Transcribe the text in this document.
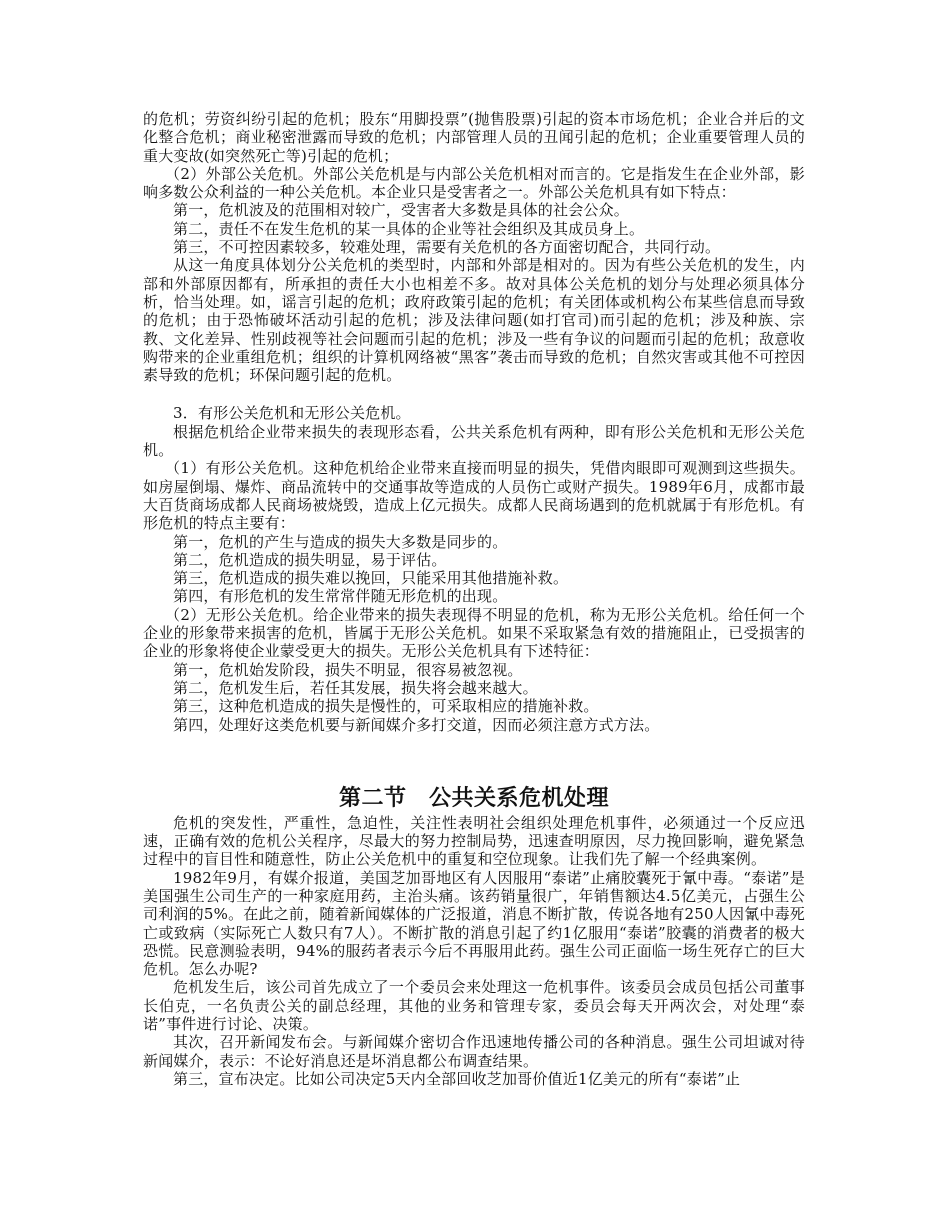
的危机；劳资纠纷引起的危机；股东“用脚投票”(抛售股票)引起的资本市场危机；企业合并后的文化整合危机；商业秘密泄露而导致的危机；内部管理人员的丑闻引起的危机；企业重要管理人员的重大变故(如突然死亡等)引起的危机；

（2）外部公关危机。外部公关危机是与内部公关危机相对而言的。它是指发生在企业外部，影响多数公众利益的一种公关危机。本企业只是受害者之一。外部公关危机具有如下特点：

第一，危机波及的范围相对较广，受害者大多数是具体的社会公众。

第二，责任不在发生危机的某一具体的企业等社会组织及其成员身上。

第三，不可控因素较多，较难处理，需要有关危机的各方面密切配合，共同行动。

从这一角度具体划分公关危机的类型时，内部和外部是相对的。因为有些公关危机的发生，内部和外部原因都有，所承担的责任大小也相差不多。故对具体公关危机的划分与处理必须具体分析，恰当处理。如，谣言引起的危机；政府政策引起的危机；有关团体或机构公布某些信息而导致的危机；由于恐怖破坏活动引起的危机；涉及法律问题(如打官司)而引起的危机；涉及种族、宗教、文化差异、性别歧视等社会问题而引起的危机；涉及一些有争议的问题而引起的危机；敌意收购带来的企业重组危机；组织的计算机网络被“黑客”袭击而导致的危机；自然灾害或其他不可控因素导致的危机；环保问题引起的危机。

3．有形公关危机和无形公关危机。

根据危机给企业带来损失的表现形态看，公共关系危机有两种，即有形公关危机和无形公关危机。

（1）有形公关危机。这种危机给企业带来直接而明显的损失，凭借肉眼即可观测到这些损失。如房屋倒塌、爆炸、商品流转中的交通事故等造成的人员伤亡或财产损失。1989年6月，成都市最大百货商场成都人民商场被烧毁，造成上亿元损失。成都人民商场遇到的危机就属于有形危机。有形危机的特点主要有：

第一，危机的产生与造成的损失大多数是同步的。

第二，危机造成的损失明显，易于评估。

第三，危机造成的损失难以挽回，只能采用其他措施补救。

第四，有形危机的发生常常伴随无形危机的出现。

（2）无形公关危机。给企业带来的损失表现得不明显的危机，称为无形公关危机。给任何一个企业的形象带来损害的危机，皆属于无形公关危机。如果不采取紧急有效的措施阻止，已受损害的企业的形象将使企业蒙受更大的损失。无形公关危机具有下述特征：

第一，危机始发阶段，损失不明显，很容易被忽视。

第二，危机发生后，若任其发展，损失将会越来越大。

第三，这种危机造成的损失是慢性的，可采取相应的措施补救。

第四，处理好这类危机要与新闻媒介多打交道，因而必须注意方式方法。

第二节　公共关系危机处理

危机的突发性，严重性，急迫性，关注性表明社会组织处理危机事件，必须通过一个反应迅速，正确有效的危机公关程序，尽最大的努力控制局势，迅速查明原因，尽力挽回影响，避免紧急过程中的盲目性和随意性，防止公关危机中的重复和空位现象。让我们先了解一个经典案例。

1982年9月，有媒介报道，美国芝加哥地区有人因服用“泰诺”止痛胶囊死于氰中毒。“泰诺”是美国强生公司生产的一种家庭用药，主治头痛。该药销量很广，年销售额达4.5亿美元，占强生公司利润的5%。在此之前，随着新闻媒体的广泛报道，消息不断扩散，传说各地有250人因氰中毒死亡或致病（实际死亡人数只有7人）。不断扩散的消息引起了约1亿服用“泰诺”胶囊的消费者的极大恐慌。民意测验表明，94%的服药者表示今后不再服用此药。强生公司正面临一场生死存亡的巨大危机。怎么办呢?

危机发生后，该公司首先成立了一个委员会来处理这一危机事件。该委员会成员包括公司董事长伯克，一名负责公关的副总经理，其他的业务和管理专家，委员会每天开两次会，对处理“泰诺”事件进行讨论、决策。

其次，召开新闻发布会。与新闻媒介密切合作迅速地传播公司的各种消息。强生公司坦诚对待新闻媒介，表示：不论好消息还是坏消息都公布调查结果。

第三，宣布决定。比如公司决定5天内全部回收芝加哥价值近1亿美元的所有“泰诺”止
